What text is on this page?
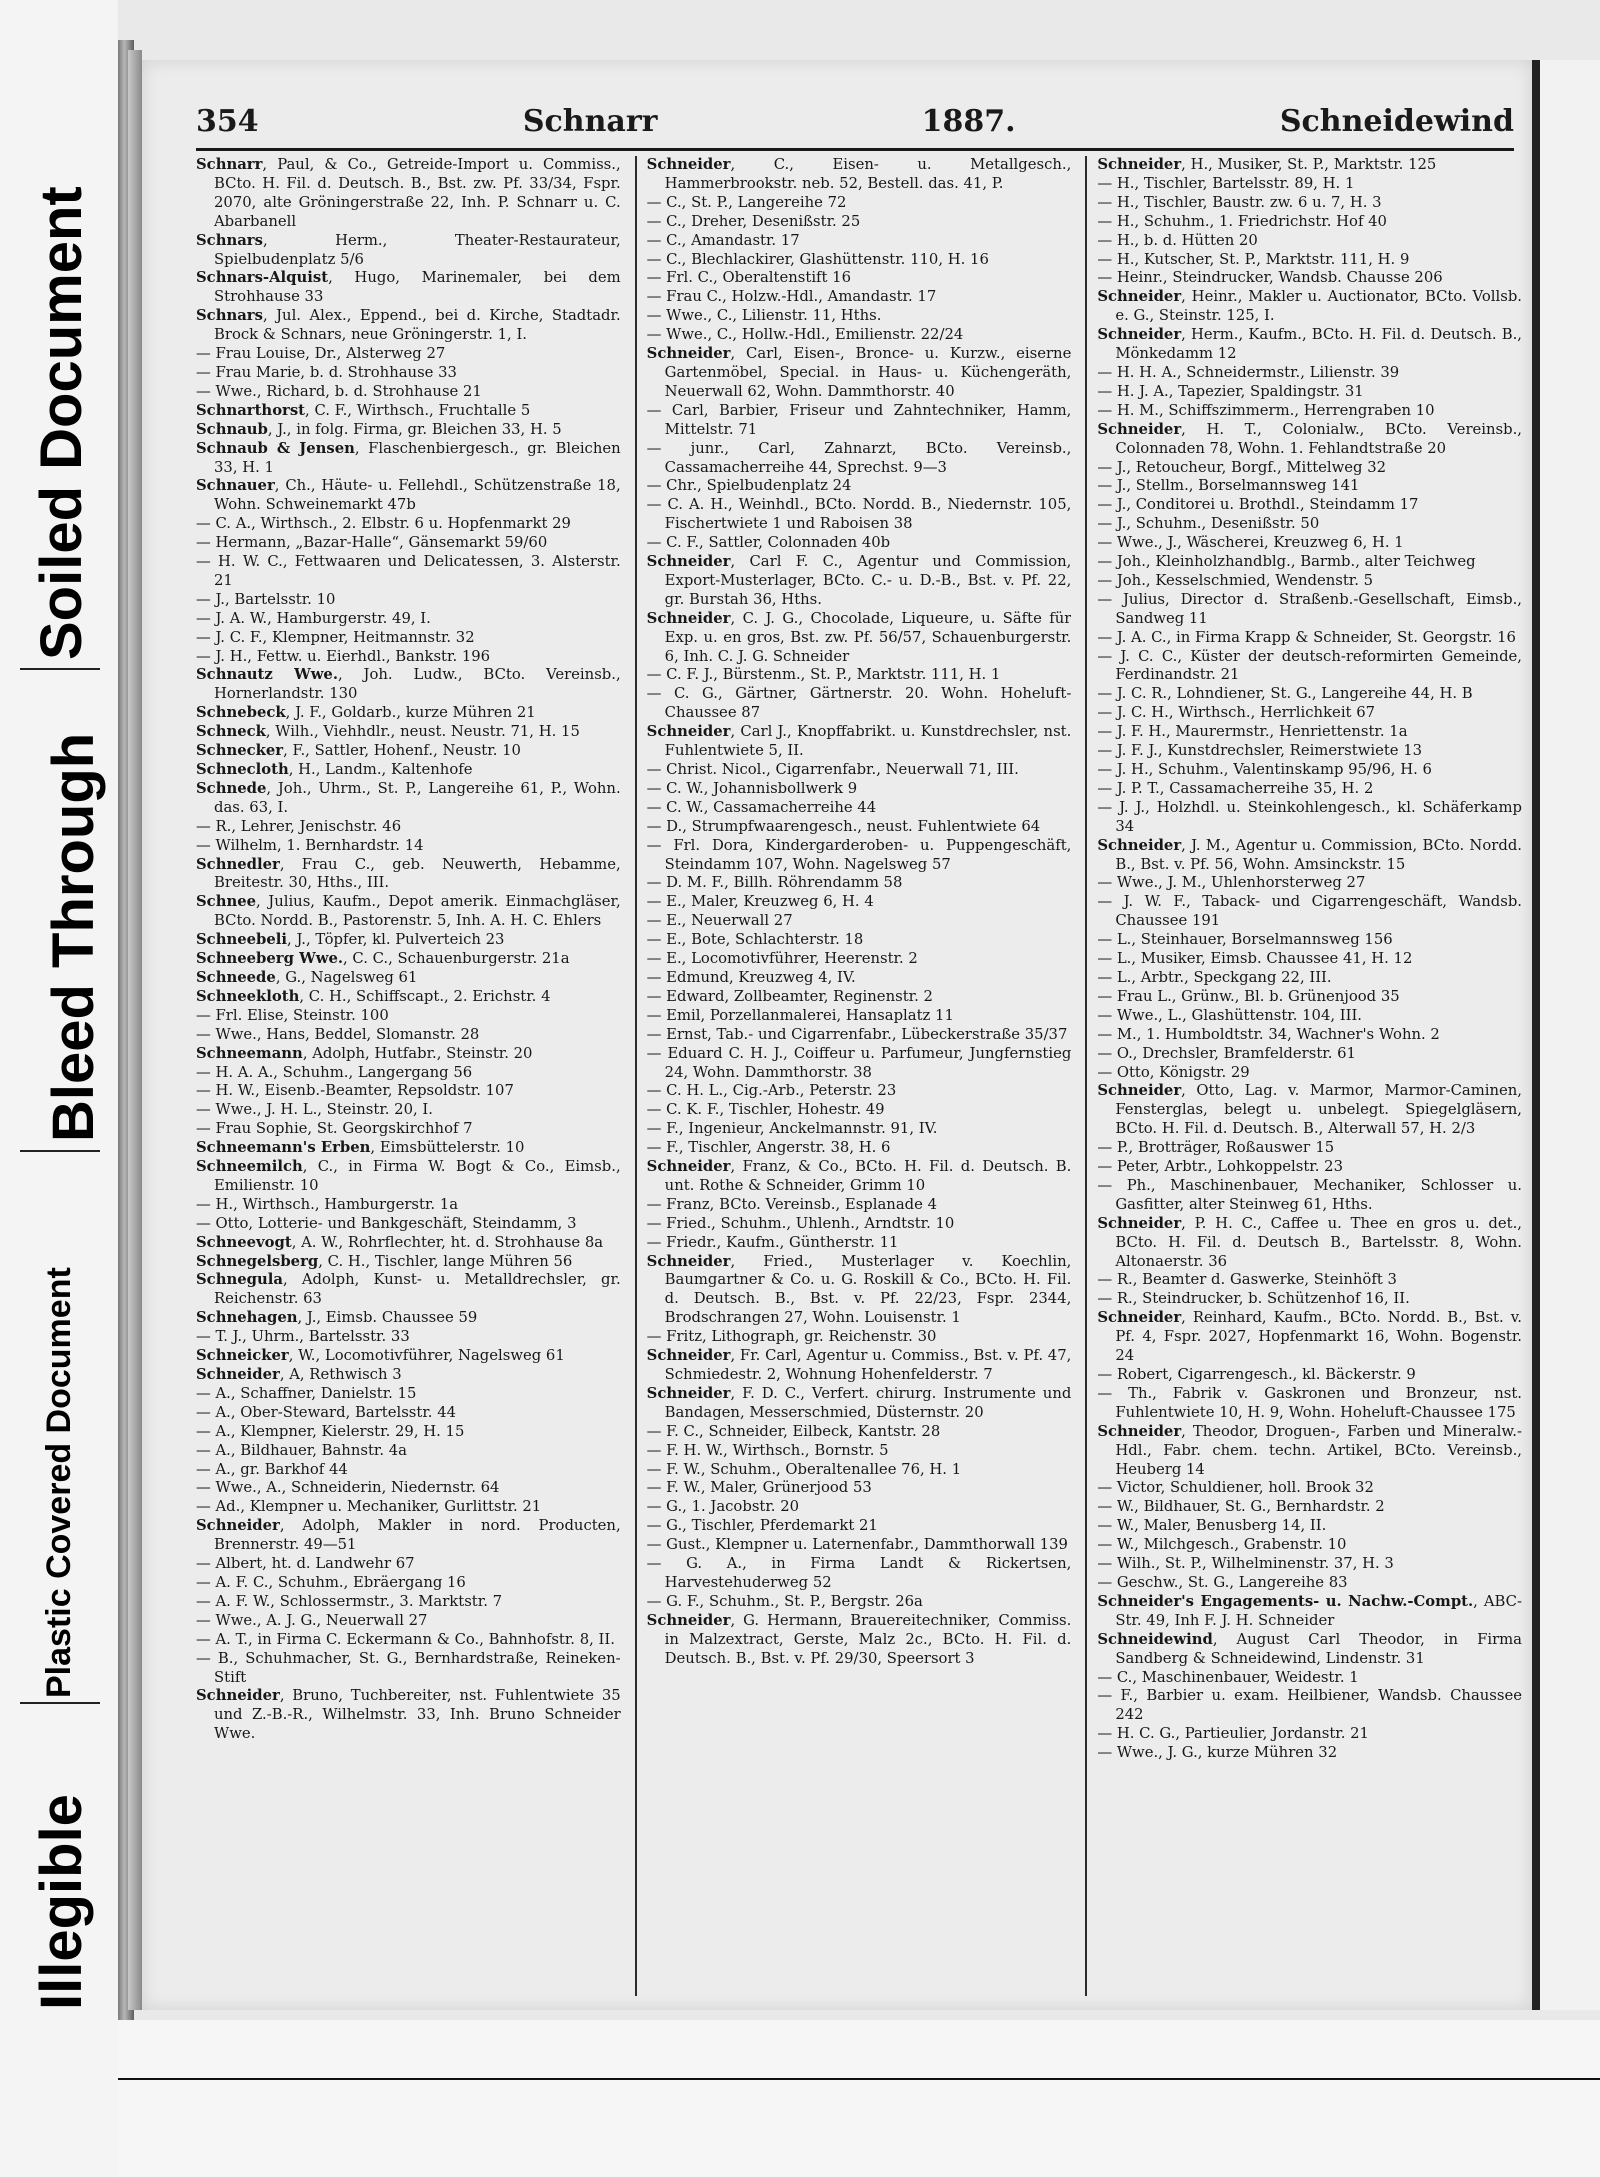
Illegible
Plastic Covered Document
Bleed Through
Soiled Document
354	Schnarr	1887.	Schneidewind

Schnarr, Paul, & Co., Getreide-Import u. Commiss., BCto. H. Fil. d. Deutsch. B., Bst. zw. Pf. 33/34, Fspr. 2070, alte Gröningerstraße 22, Inh. P. Schnarr u. C. Abarbanell

Schnars, Herm., Theater-Restaurateur, Spielbudenplatz 5/6

Schnars-Alquist, Hugo, Marinemaler, bei dem Strohhause 33

Schnars, Jul. Alex., Eppend., bei d. Kirche, Stadtadr. Brock & Schnars, neue Gröningerstr. 1, I.

— Frau Louise, Dr., Alsterweg 27

— Frau Marie, b. d. Strohhause 33

— Wwe., Richard, b. d. Strohhause 21

Schnarthorst, C. F., Wirthsch., Fruchtalle 5

Schnaub, J., in folg. Firma, gr. Bleichen 33, H. 5

Schnaub & Jensen, Flaschenbiergesch., gr. Bleichen 33, H. 1

Schnauer, Ch., Häute- u. Fellehdl., Schützenstraße 18, Wohn. Schweinemarkt 47b

— C. A., Wirthsch., 2. Elbstr. 6 u. Hopfenmarkt 29

— Hermann, „Bazar-Halle“, Gänsemarkt 59/60

— H. W. C., Fettwaaren und Delicatessen, 3. Alsterstr. 21

— J., Bartelsstr. 10

— J. A. W., Hamburgerstr. 49, I.

— J. C. F., Klempner, Heitmannstr. 32

— J. H., Fettw. u. Eierhdl., Bankstr. 196

Schnautz Wwe., Joh. Ludw., BCto. Vereinsb., Hornerlandstr. 130

Schnebeck, J. F., Goldarb., kurze Mühren 21

Schneck, Wilh., Viehhdlr., neust. Neustr. 71, H. 15

Schnecker, F., Sattler, Hohenf., Neustr. 10

Schnecloth, H., Landm., Kaltenhofe

Schnede, Joh., Uhrm., St. P., Langereihe 61, P., Wohn. das. 63, I.

— R., Lehrer, Jenischstr. 46

— Wilhelm, 1. Bernhardstr. 14

Schnedler, Frau C., geb. Neuwerth, Hebamme, Breitestr. 30, Hths., III.

Schnee, Julius, Kaufm., Depot amerik. Einmachgläser, BCto. Nordd. B., Pastorenstr. 5, Inh. A. H. C. Ehlers

Schneebeli, J., Töpfer, kl. Pulverteich 23

Schneeberg Wwe., C. C., Schauenburgerstr. 21a

Schneede, G., Nagelsweg 61

Schneekloth, C. H., Schiffscapt., 2. Erichstr. 4

— Frl. Elise, Steinstr. 100

— Wwe., Hans, Beddel, Slomanstr. 28

Schneemann, Adolph, Hutfabr., Steinstr. 20

— H. A. A., Schuhm., Langergang 56

— H. W., Eisenb.-Beamter, Repsoldstr. 107

— Wwe., J. H. L., Steinstr. 20, I.

— Frau Sophie, St. Georgskirchhof 7

Schneemann's Erben, Eimsbüttelerstr. 10

Schneemilch, C., in Firma W. Bogt & Co., Eimsb., Emilienstr. 10

— H., Wirthsch., Hamburgerstr. 1a

— Otto, Lotterie- und Bankgeschäft, Steindamm, 3

Schneevogt, A. W., Rohrflechter, ht. d. Strohhause 8a

Schnegelsberg, C. H., Tischler, lange Mühren 56

Schnegula, Adolph, Kunst- u. Metalldrechsler, gr. Reichenstr. 63

Schnehagen, J., Eimsb. Chaussee 59

— T. J., Uhrm., Bartelsstr. 33

Schneicker, W., Locomotivführer, Nagelsweg 61

Schneider, A, Rethwisch 3

— A., Schaffner, Danielstr. 15

— A., Ober-Steward, Bartelsstr. 44

— A., Klempner, Kielerstr. 29, H. 15

— A., Bildhauer, Bahnstr. 4a

— A., gr. Barkhof 44

— Wwe., A., Schneiderin, Niedernstr. 64

— Ad., Klempner u. Mechaniker, Gurlittstr. 21

Schneider, Adolph, Makler in nord. Producten, Brennerstr. 49—51

— Albert, ht. d. Landwehr 67

— A. F. C., Schuhm., Ebräergang 16

— A. F. W., Schlossermstr., 3. Marktstr. 7

— Wwe., A. J. G., Neuerwall 27

— A. T., in Firma C. Eckermann & Co., Bahnhofstr. 8, II.

— B., Schuhmacher, St. G., Bernhardstraße, Reineken-Stift

Schneider, Bruno, Tuchbereiter, nst. Fuhlentwiete 35 und Z.-B.-R., Wilhelmstr. 33, Inh. Bruno Schneider Wwe.

Schneider, C., Eisen- u. Metallgesch., Hammerbrookstr. neb. 52, Bestell. das. 41, P.

— C., St. P., Langereihe 72

— C., Dreher, Desenißstr. 25

— C., Amandastr. 17

— C., Blechlackirer, Glashüttenstr. 110, H. 16

— Frl. C., Oberaltenstift 16

— Frau C., Holzw.-Hdl., Amandastr. 17

— Wwe., C., Lilienstr. 11, Hths.

— Wwe., C., Hollw.-Hdl., Emilienstr. 22/24

Schneider, Carl, Eisen-, Bronce- u. Kurzw., eiserne Gartenmöbel, Special. in Haus- u. Küchengeräth, Neuerwall 62, Wohn. Dammthorstr. 40

— Carl, Barbier, Friseur und Zahntechniker, Hamm, Mittelstr. 71

— junr., Carl, Zahnarzt, BCto. Vereinsb., Cassamacherreihe 44, Sprechst. 9—3

— Chr., Spielbudenplatz 24

— C. A. H., Weinhdl., BCto. Nordd. B., Niedernstr. 105, Fischertwiete 1 und Raboisen 38

— C. F., Sattler, Colonnaden 40b

Schneider, Carl F. C., Agentur und Commission, Export-Musterlager, BCto. C.- u. D.-B., Bst. v. Pf. 22, gr. Burstah 36, Hths.

Schneider, C. J. G., Chocolade, Liqueure, u. Säfte für Exp. u. en gros, Bst. zw. Pf. 56/57, Schauenburgerstr. 6, Inh. C. J. G. Schneider

— C. F. J., Bürstenm., St. P., Marktstr. 111, H. 1

— C. G., Gärtner, Gärtnerstr. 20. Wohn. Hoheluft-Chaussee 87

Schneider, Carl J., Knopffabrikt. u. Kunstdrechsler, nst. Fuhlentwiete 5, II.

— Christ. Nicol., Cigarrenfabr., Neuerwall 71, III.

— C. W., Johannisbollwerk 9

— C. W., Cassamacherreihe 44

— D., Strumpfwaarengesch., neust. Fuhlentwiete 64

— Frl. Dora, Kindergarderoben- u. Puppengeschäft, Steindamm 107, Wohn. Nagelsweg 57

— D. M. F., Billh. Röhrendamm 58

— E., Maler, Kreuzweg 6, H. 4

— E., Neuerwall 27

— E., Bote, Schlachterstr. 18

— E., Locomotivführer, Heerenstr. 2

— Edmund, Kreuzweg 4, IV.

— Edward, Zollbeamter, Reginenstr. 2

— Emil, Porzellanmalerei, Hansaplatz 11

— Ernst, Tab.- und Cigarrenfabr., Lübeckerstraße 35/37

— Eduard C. H. J., Coiffeur u. Parfumeur, Jungfernstieg 24, Wohn. Dammthorstr. 38

— C. H. L., Cig.-Arb., Peterstr. 23

— C. K. F., Tischler, Hohestr. 49

— F., Ingenieur, Anckelmannstr. 91, IV.

— F., Tischler, Angerstr. 38, H. 6

Schneider, Franz, & Co., BCto. H. Fil. d. Deutsch. B. unt. Rothe & Schneider, Grimm 10

— Franz, BCto. Vereinsb., Esplanade 4

— Fried., Schuhm., Uhlenh., Arndtstr. 10

— Friedr., Kaufm., Güntherstr. 11

Schneider, Fried., Musterlager v. Koechlin, Baumgartner & Co. u. G. Roskill & Co., BCto. H. Fil. d. Deutsch. B., Bst. v. Pf. 22/23, Fspr. 2344, Brodschrangen 27, Wohn. Louisenstr. 1

— Fritz, Lithograph, gr. Reichenstr. 30

Schneider, Fr. Carl, Agentur u. Commiss., Bst. v. Pf. 47, Schmiedestr. 2, Wohnung Hohenfelderstr. 7

Schneider, F. D. C., Verfert. chirurg. Instrumente und Bandagen, Messerschmied, Düsternstr. 20

— F. C., Schneider, Eilbeck, Kantstr. 28

— F. H. W., Wirthsch., Bornstr. 5

— F. W., Schuhm., Oberaltenallee 76, H. 1

— F. W., Maler, Grünerjood 53

— G., 1. Jacobstr. 20

— G., Tischler, Pferdemarkt 21

— Gust., Klempner u. Laternenfabr., Dammthorwall 139

— G. A., in Firma Landt & Rickertsen, Harvestehuderweg 52

— G. F., Schuhm., St. P., Bergstr. 26a

Schneider, G. Hermann, Brauereitechniker, Commiss. in Malzextract, Gerste, Malz 2c., BCto. H. Fil. d. Deutsch. B., Bst. v. Pf. 29/30, Speersort 3

Schneider, H., Musiker, St. P., Marktstr. 125

— H., Tischler, Bartelsstr. 89, H. 1

— H., Tischler, Baustr. zw. 6 u. 7, H. 3

— H., Schuhm., 1. Friedrichstr. Hof 40

— H., b. d. Hütten 20

— H., Kutscher, St. P., Marktstr. 111, H. 9

— Heinr., Steindrucker, Wandsb. Chausse 206

Schneider, Heinr., Makler u. Auctionator, BCto. Vollsb. e. G., Steinstr. 125, I.

Schneider, Herm., Kaufm., BCto. H. Fil. d. Deutsch. B., Mönkedamm 12

— H. H. A., Schneidermstr., Lilienstr. 39

— H. J. A., Tapezier, Spaldingstr. 31

— H. M., Schiffszimmerm., Herrengraben 10

Schneider, H. T., Colonialw., BCto. Vereinsb., Colonnaden 78, Wohn. 1. Fehlandtstraße 20

— J., Retoucheur, Borgf., Mittelweg 32

— J., Stellm., Borselmannsweg 141

— J., Conditorei u. Brothdl., Steindamm 17

— J., Schuhm., Desenißstr. 50

— Wwe., J., Wäscherei, Kreuzweg 6, H. 1

— Joh., Kleinholzhandblg., Barmb., alter Teichweg

— Joh., Kesselschmied, Wendenstr. 5

— Julius, Director d. Straßenb.-Gesellschaft, Eimsb., Sandweg 11

— J. A. C., in Firma Krapp & Schneider, St. Georgstr. 16

— J. C. C., Küster der deutsch-reformirten Gemeinde, Ferdinandstr. 21

— J. C. R., Lohndiener, St. G., Langereihe 44, H. B

— J. C. H., Wirthsch., Herrlichkeit 67

— J. F. H., Maurermstr., Henriettenstr. 1a

— J. F. J., Kunstdrechsler, Reimerstwiete 13

— J. H., Schuhm., Valentinskamp 95/96, H. 6

— J. P. T., Cassamacherreihe 35, H. 2

— J. J., Holzhdl. u. Steinkohlengesch., kl. Schäferkamp 34

Schneider, J. M., Agentur u. Commission, BCto. Nordd. B., Bst. v. Pf. 56, Wohn. Amsinckstr. 15

— Wwe., J. M., Uhlenhorsterweg 27

— J. W. F., Taback- und Cigarrengeschäft, Wandsb. Chaussee 191

— L., Steinhauer, Borselmannsweg 156

— L., Musiker, Eimsb. Chaussee 41, H. 12

— L., Arbtr., Speckgang 22, III.

— Frau L., Grünw., Bl. b. Grünenjood 35

— Wwe., L., Glashüttenstr. 104, III.

— M., 1. Humboldtstr. 34, Wachner's Wohn. 2

— O., Drechsler, Bramfelderstr. 61

— Otto, Königstr. 29

Schneider, Otto, Lag. v. Marmor, Marmor-Caminen, Fensterglas, belegt u. unbelegt. Spiegelgläsern, BCto. H. Fil. d. Deutsch. B., Alterwall 57, H. 2/3

— P., Brotträger, Roßauswег 15

— Peter, Arbtr., Lohkoppelstr. 23

— Ph., Maschinenbauer, Mechaniker, Schlosser u. Gasfitter, alter Steinweg 61, Hths.

Schneider, P. H. C., Caffee u. Thee en gros u. det., BCto. H. Fil. d. Deutsch B., Bartelsstr. 8, Wohn. Altonaerstr. 36

— R., Beamter d. Gaswerke, Steinhöft 3

— R., Steindrucker, b. Schützenhof 16, II.

Schneider, Reinhard, Kaufm., BCto. Nordd. B., Bst. v. Pf. 4, Fspr. 2027, Hopfenmarkt 16, Wohn. Bogenstr. 24

— Robert, Cigarrengesch., kl. Bäckerstr. 9

— Th., Fabrik v. Gaskronen und Bronzeur, nst. Fuhlentwiete 10, H. 9, Wohn. Hoheluft-Chaussee 175

Schneider, Theodor, Droguen-, Farben und Mineralw.-Hdl., Fabr. chem. techn. Artikel, BCto. Vereinsb., Heuberg 14

— Victor, Schuldiener, holl. Brook 32

— W., Bildhauer, St. G., Bernhardstr. 2

— W., Maler, Benusberg 14, II.

— W., Milchgesch., Grabenstr. 10

— Wilh., St. P., Wilhelminenstr. 37, H. 3

— Geschw., St. G., Langereihe 83

Schneider's Engagements- u. Nachw.-Compt., ABC-Str. 49, Inh F. J. H. Schneider

Schneidewind, August Carl Theodor, in Firma Sandberg & Schneidewind, Lindenstr. 31

— C., Maschinenbauer, Weidestr. 1

— F., Barbier u. exam. Heilbiener, Wandsb. Chaussee 242

— H. C. G., Partieulier, Jordanstr. 21

— Wwe., J. G., kurze Mühren 32
